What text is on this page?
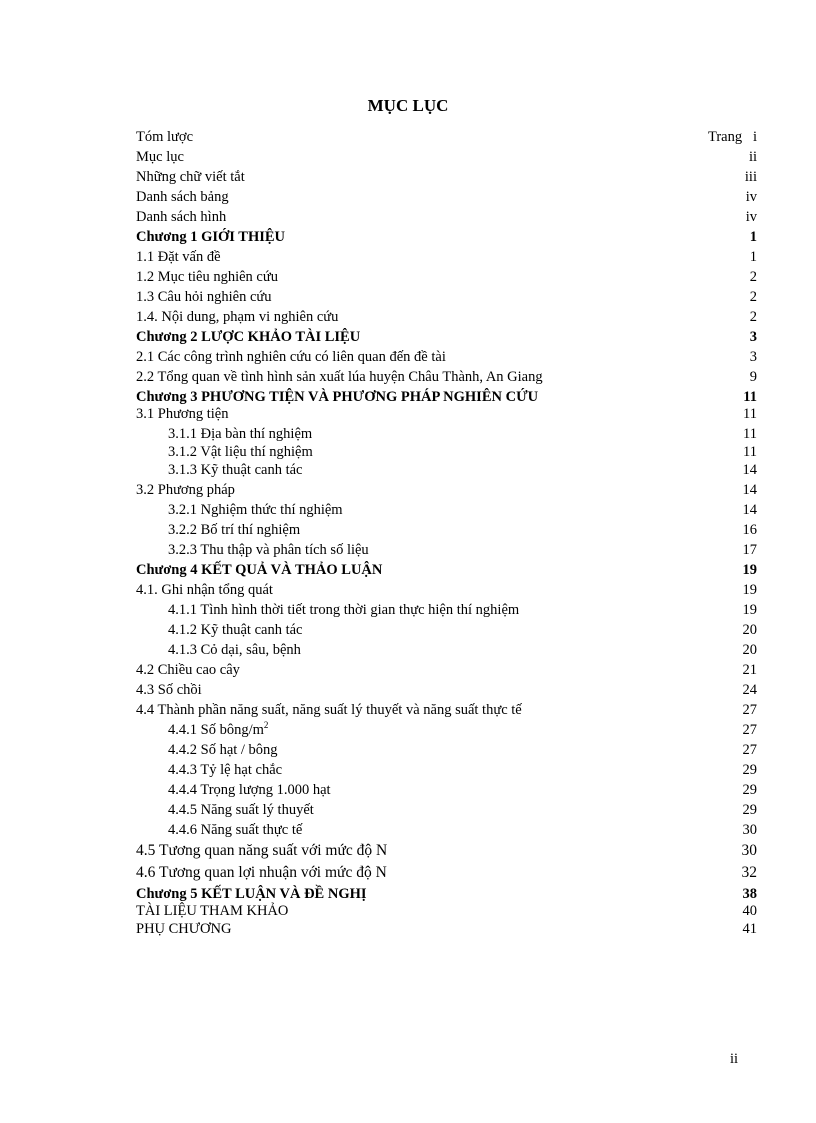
MỤC LỤC
Tóm lược	Trang   i
Mục lục	ii
Những chữ viết tắt	iii
Danh sách bảng	iv
Danh sách hình	iv
Chương 1 GIỚI THIỆU	1
1.1 Đặt vấn đề	1
1.2 Mục tiêu nghiên cứu	2
1.3 Câu hỏi nghiên cứu	2
1.4. Nội dung, phạm vi nghiên cứu	2
Chương 2 LƯỢC KHẢO TÀI LIỆU	3
2.1 Các công trình nghiên cứu có liên quan đến đề tài	3
2.2 Tổng quan về tình hình sản xuất lúa huyện Châu Thành, An Giang	9
Chương 3 PHƯƠNG TIỆN VÀ PHƯƠNG PHÁP NGHIÊN CỨU	11
3.1 Phương tiện	11
3.1.1 Địa bàn thí nghiệm	11
3.1.2 Vật liệu thí nghiệm	11
3.1.3 Kỹ thuật canh tác	14
3.2 Phương pháp	14
3.2.1 Nghiệm thức thí nghiệm	14
3.2.2 Bố trí thí nghiệm	16
3.2.3 Thu thập và phân tích số liệu	17
Chương 4 KẾT QUẢ VÀ THẢO LUẬN	19
4.1. Ghi nhận tổng quát	19
4.1.1 Tình hình thời tiết trong thời gian thực hiện thí nghiệm	19
4.1.2 Kỹ thuật canh tác	20
4.1.3 Cỏ dại, sâu, bệnh	20
4.2 Chiều cao cây	21
4.3 Số chồi	24
4.4 Thành phần năng suất, năng suất lý thuyết và năng suất thực tế	27
4.4.1 Số bông/$m^2$	27
4.4.2 Số hạt / bông	27
4.4.3 Tỷ lệ hạt chắc	29
4.4.4 Trọng lượng 1.000 hạt	29
4.4.5 Năng suất lý thuyết	29
4.4.6 Năng suất thực tế	30
4.5 Tương quan năng suất với mức độ N	30
4.6 Tương quan lợi nhuận với mức độ N	32
Chương 5 KẾT LUẬN VÀ ĐỀ NGHỊ	38
TÀI LIỆU THAM KHẢO	40
PHỤ CHƯƠNG	41
ii
